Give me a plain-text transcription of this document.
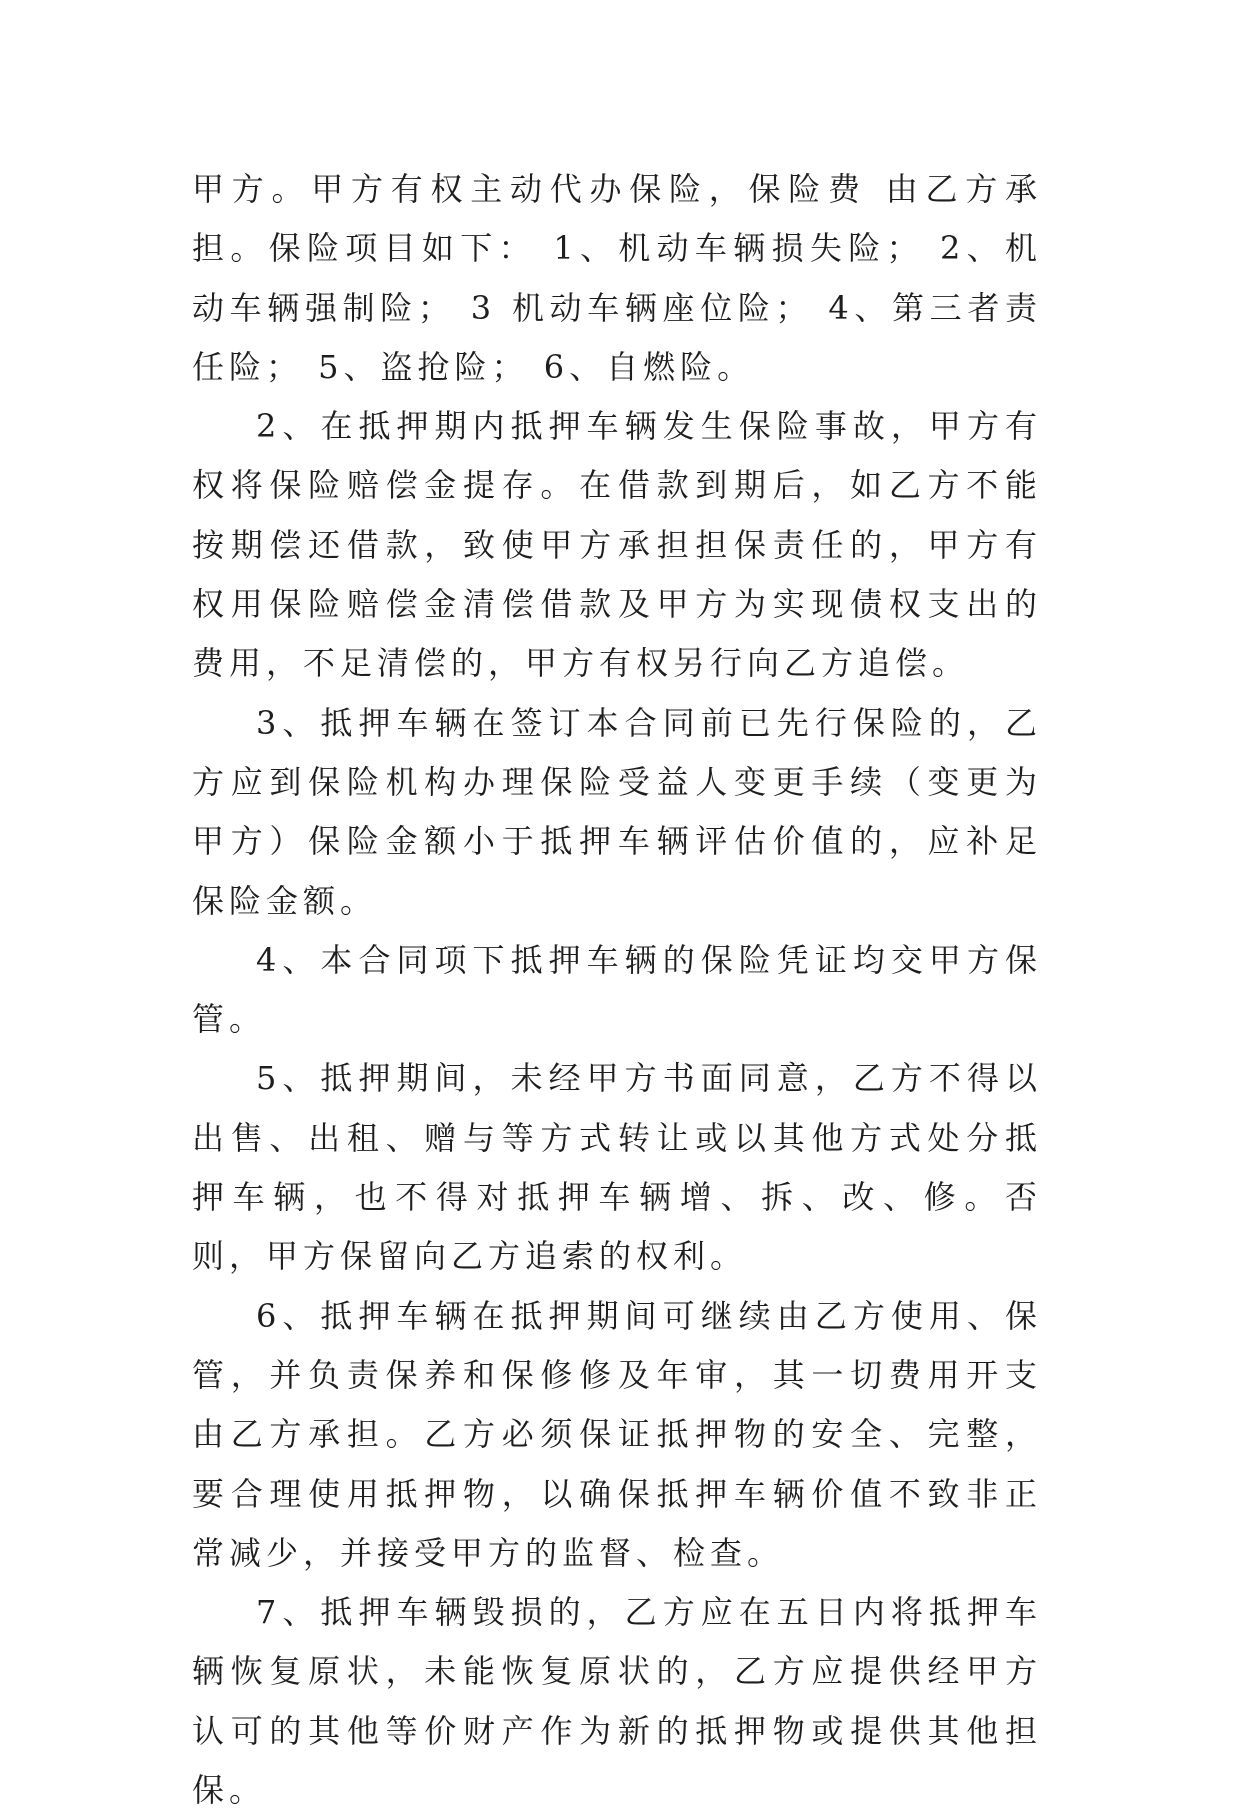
甲方。甲方有权主动代办保险，保险费 由乙方承担。保险项目如下： 1、机动车辆损失险； 2、机动车辆强制险； 3 机动车辆座位险； 4、第三者责任险； 5、盗抢险； 6、自燃险。

2、在抵押期内抵押车辆发生保险事故，甲方有权将保险赔偿金提存。在借款到期后，如乙方不能按期偿还借款，致使甲方承担担保责任的，甲方有权用保险赔偿金清偿借款及甲方为实现债权支出的费用，不足清偿的，甲方有权另行向乙方追偿。

3、抵押车辆在签订本合同前已先行保险的，乙方应到保险机构办理保险受益人变更手续（变更为甲方）保险金额小于抵押车辆评估价值的，应补足保险金额。

4、本合同项下抵押车辆的保险凭证均交甲方保管。

5、抵押期间，未经甲方书面同意，乙方不得以出售、出租、赠与等方式转让或以其他方式处分抵押车辆，也不得对抵押车辆增、拆、改、修。否则，甲方保留向乙方追索的权利。

6、抵押车辆在抵押期间可继续由乙方使用、保管，并负责保养和保修修及年审，其一切费用开支由乙方承担。乙方必须保证抵押物的安全、完整，要合理使用抵押物，以确保抵押车辆价值不致非正常减少，并接受甲方的监督、检查。

7、抵押车辆毁损的，乙方应在五日内将抵押车辆恢复原状，未能恢复原状的，乙方应提供经甲方认可的其他等价财产作为新的抵押物或提供其他担保。
